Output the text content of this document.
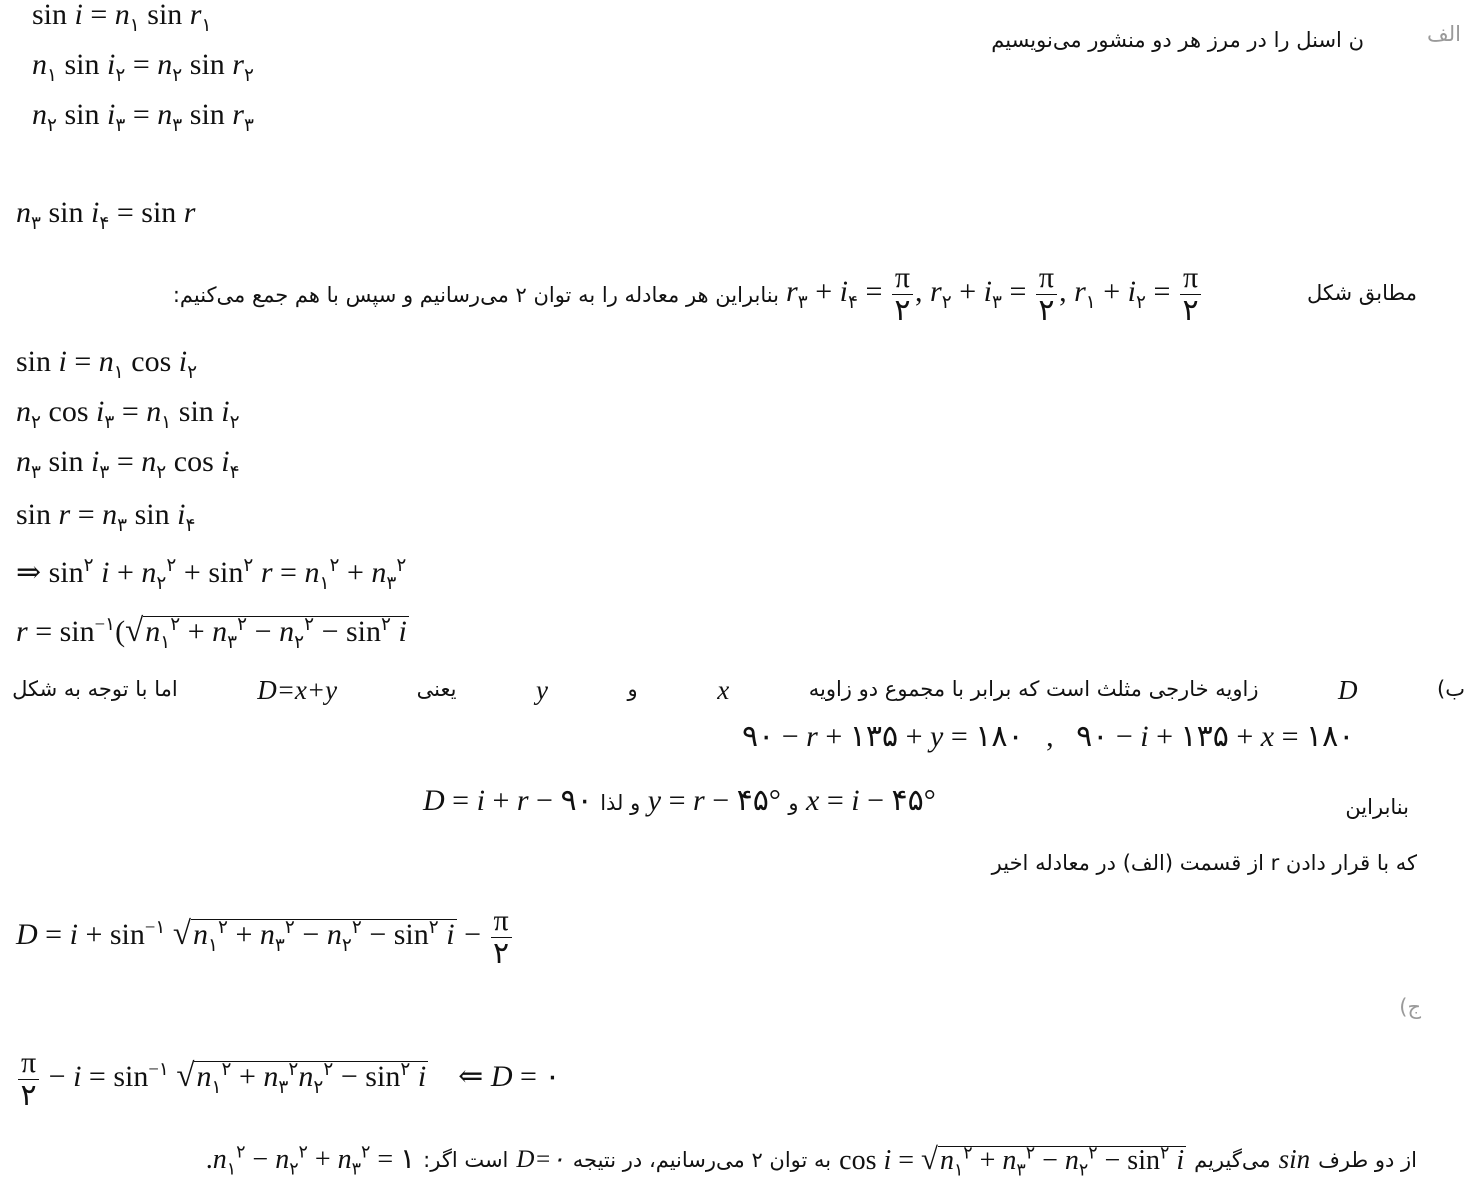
الف
ن اسنل را در مرز هر دو منشور می‌نویسیم
$\sin i = n_۱$ $\sin r_۱$
$n_۱$ $\sin i_۲ = n_۲$ $\sin r_۲$
$n_۲$ $\sin i_۳ = n_۳$ $\sin r_۳$
$n_۳$ $\sin i_۴ = \sin r$
مطابق شکل
$r_۳ + i_۴ = \frac{\pi}{۲}$ , $r_۲ + i_۳ = \frac{\pi}{۲}$ , $r_۱ + i_۲ = \frac{\pi}{۲}$
بنابراین هر معادله را به توان ۲ می‌رسانیم و سپس با هم جمع می‌کنیم:
$\sin i = n_۱$ $\cos i_۲$
$n_۲$ $\cos i_۳ = n_۱$ $\sin i_۲$
$n_۳$ $\sin i_۳ = n_۲$ $\cos i_۴$
$\sin r = n_۳$ $\sin i_۴$
⇒ $\sin^۲ i + n_۲^۲ + \sin^۲ r = n_۱^۲ + n_۳^۲$
$r = \sin^{-۱}(√n_۱^۲ + n_۳^۲ - n_۲^۲ - \sin^۲ i$
ب)
D
زاویه خارجی مثلث است که برابر با مجموع دو زاویه
x
و
y
یعنی
D=x+y
اما با توجه به شکل
۹۰ − r + ۱۳۵ + y = ۱۸۰   ,   ۹۰ − i + ۱۳۵ + x = ۱۸۰
بنابراین
D = i + r − ۹۰ و لذا y = r − ۴۵° و x = i − ۴۵°
که با قرار دادن r از قسمت (الف) در معادله اخیر
$D = i + \sin^{-۱} √n_۱^۲ + n_۳^۲ - n_۲^۲ - \sin^۲ i - \frac{\pi}{۲}$
ج)
$\frac{\pi}{۲} - i = \sin^{-۱} √n_۱^۲ + n_۳^۲n_۲^۲ - \sin^۲ i$    ⇐ D = ۰
از دو طرف
sin
می‌گیریم
$\cos i = √n_۱^۲ + n_۳^۲ - n_۲^۲ - \sin^۲ i$
به توان ۲ می‌رسانیم، در نتیجه
D=۰
است اگر:
$.n_۱^۲ - n_۲^۲ + n_۳^۲$ = ۱
